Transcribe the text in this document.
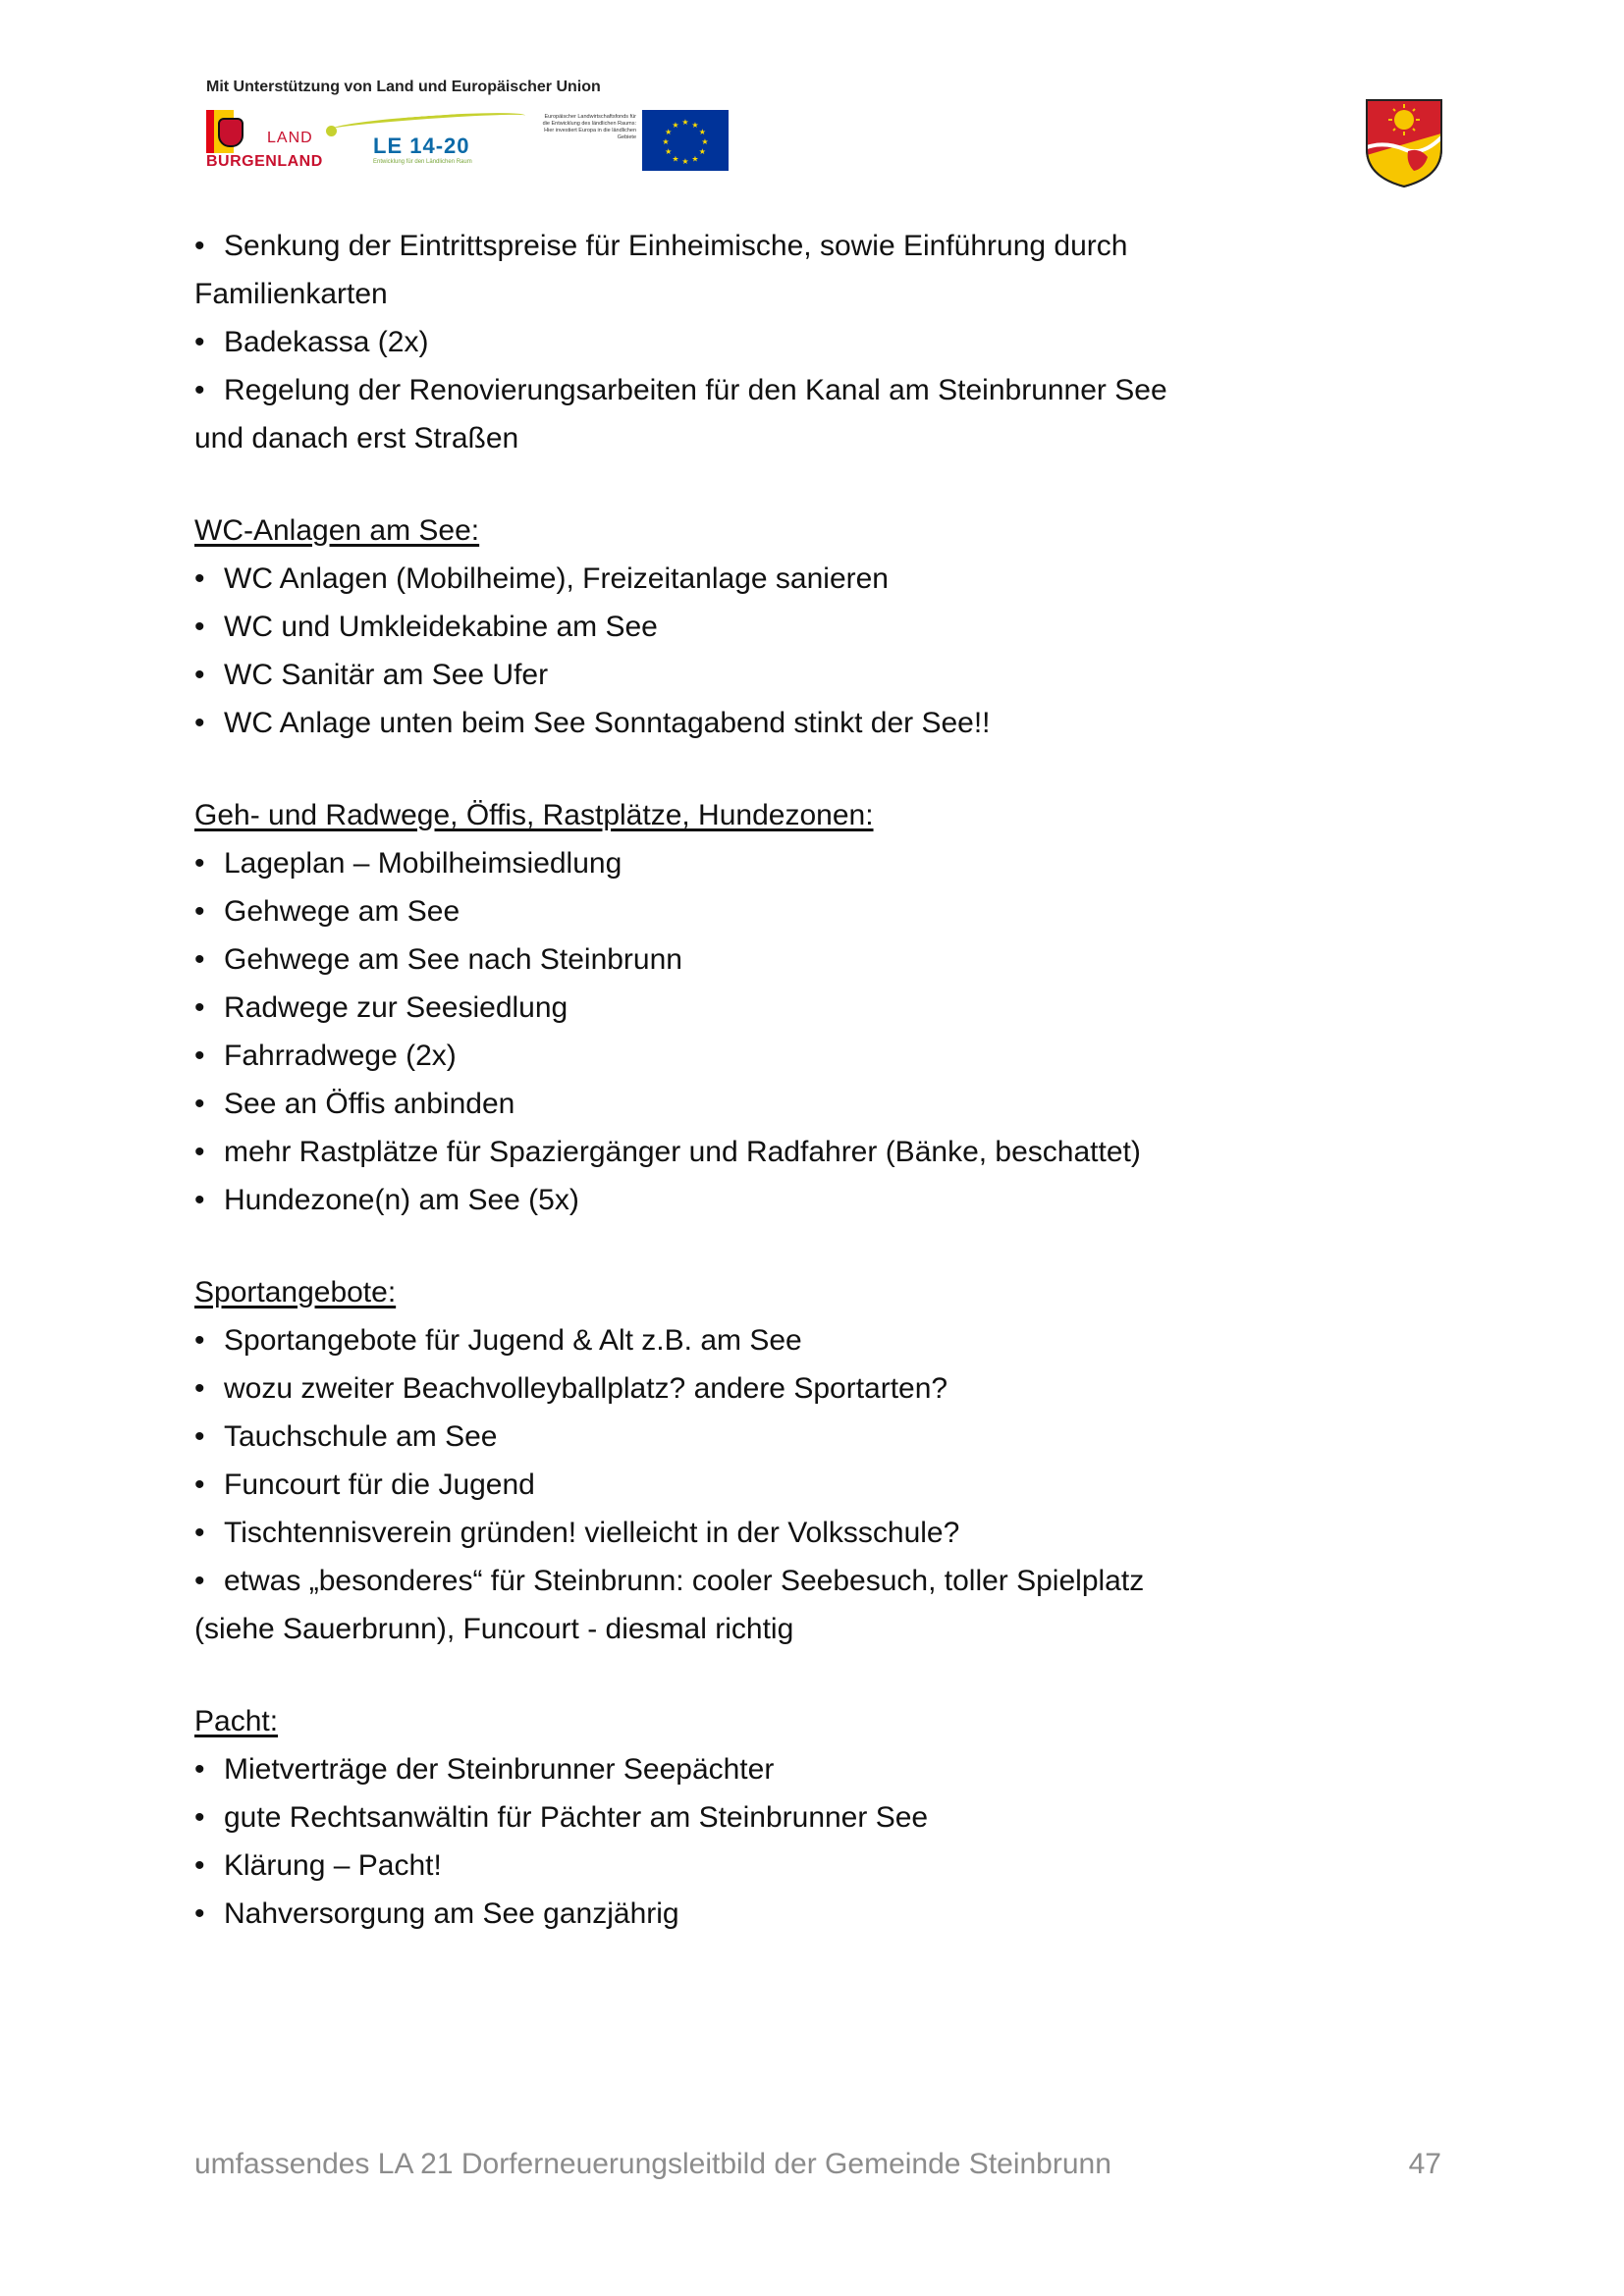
Mit Unterstützung von Land und Europäischer Union
LAND
BURGENLAND
LE 14-20
Entwicklung für den Ländlichen Raum
Europäischer Landwirtschaftsfonds für die Entwicklung des ländlichen Raums: Hier investiert Europa in die ländlichen Gebiete
★
★
★
★
★
★
★
★
★ ★ ★
★

• Senkung der Eintrittspreise für Einheimische, sowie Einführung durch

Familienkarten

• Badekassa (2x)

• Regelung der Renovierungsarbeiten für den Kanal am Steinbrunner See

und danach erst Straßen

WC-Anlagen am See:

• WC Anlagen (Mobilheime), Freizeitanlage sanieren

• WC und Umkleidekabine am See

• WC Sanitär am See Ufer

• WC Anlage unten beim See Sonntagabend stinkt der See!!

Geh- und Radwege, Öffis, Rastplätze, Hundezonen:

• Lageplan – Mobilheimsiedlung

• Gehwege am See

• Gehwege am See nach Steinbrunn

• Radwege zur Seesiedlung

• Fahrradwege (2x)

• See an Öffis anbinden

• mehr Rastplätze für Spaziergänger und Radfahrer (Bänke, beschattet)

• Hundezone(n) am See (5x)

Sportangebote:

• Sportangebote für Jugend & Alt z.B. am See

• wozu zweiter Beachvolleyballplatz? andere Sportarten?

• Tauchschule am See

• Funcourt für die Jugend

• Tischtennisverein gründen! vielleicht in der Volksschule?

• etwas „besonderes“ für Steinbrunn: cooler Seebesuch, toller Spielplatz

(siehe Sauerbrunn), Funcourt - diesmal richtig

Pacht:

• Mietverträge der Steinbrunner Seepächter

• gute Rechtsanwältin für Pächter am Steinbrunner See

• Klärung – Pacht!

• Nahversorgung am See ganzjährig

umfassendes LA 21 Dorferneuerungsleitbild der Gemeinde Steinbrunn	47
